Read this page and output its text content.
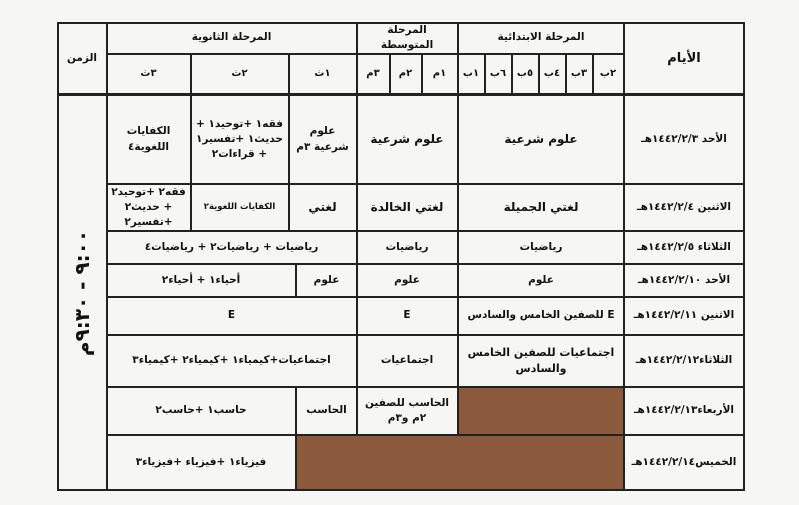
الأيام
الزمن
المرحلة الابتدائية
المرحلة المتوسطة
المرحلة الثانوية
٢ب
٣ب
٤ب
٥ب
٦ب
١ب
١م
٢م
٣م
١ث
٢ث
٣ث
٩:٠٠ - ٩:٣٠م
الأحد ١٤٤٢/٢/٣هـ
علوم شرعية
علوم شرعية
علوم شرعية ٣م
فقه١ +توحيد١ + حديث١ +تفسير١ + قراءات٢
الكفايات اللغوية٤
الاثنين ١٤٤٢/٢/٤هـ
لغتي الجميلة
لغتي الخالدة
لغتي
الكفايات اللغوية٢
فقه٢ +توحيد٢ + حديث٢ +تفسير٢
الثلاثاء ١٤٤٢/٢/٥هـ
رياضيات
رياضيات
رياضيات + رياضيات٢ + رياضيات٤
الأحد ١٤٤٢/٢/١٠هـ
علوم
علوم
علوم
أحياء١ + أحياء٢
الاثنين ١٤٤٢/٢/١١هـ
E للصفين الخامس والسادس
E
E
الثلاثاء١٤٤٢/٢/١٢هـ
اجتماعيات للصفين الخامس والسادس
اجتماعيات
اجتماعيات+كيمياء١ +كيمياء٢ +كيمياء٣
الأربعاء١٤٤٢/٢/١٣هـ
الحاسب للصفين ٢م و٣م
الحاسب
حاسب١ +حاسب٢
الخميس١٤٤٢/٢/١٤هـ
فيزياء١ +فيزياء +فيزياء٣
